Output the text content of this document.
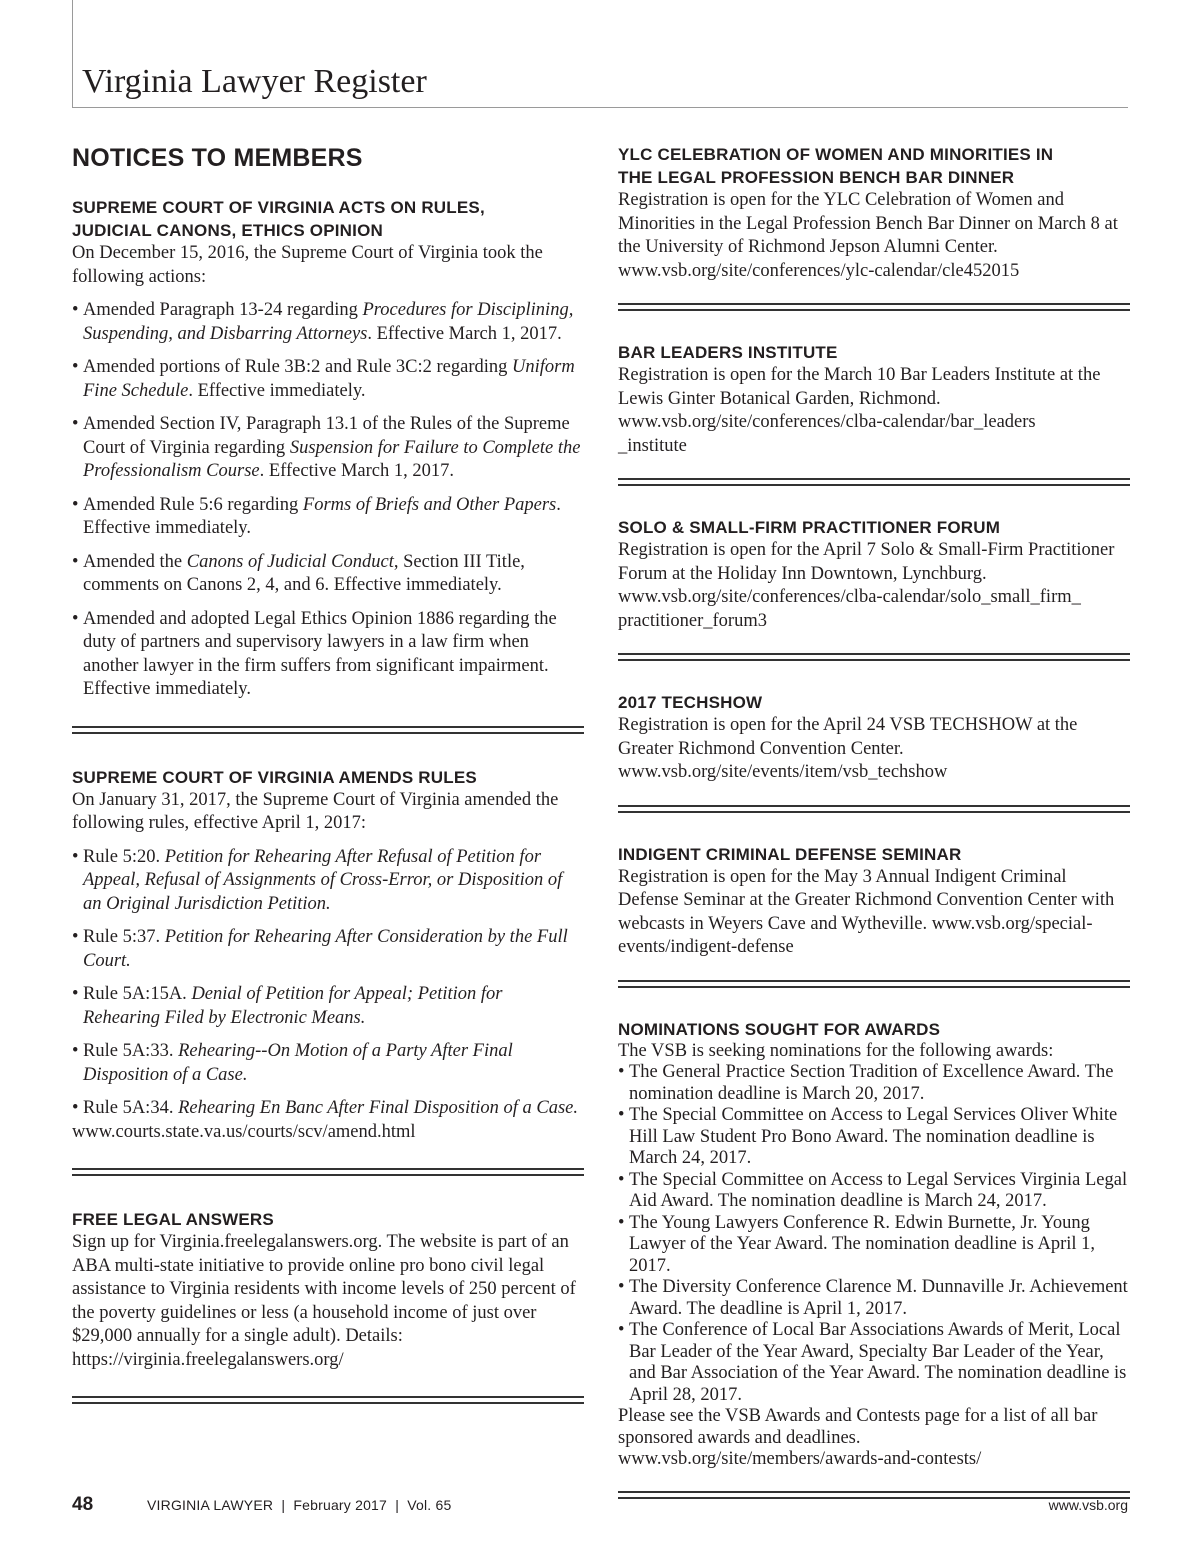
Virginia Lawyer Register
NOTICES TO MEMBERS
SUPREME COURT OF VIRGINIA ACTS ON RULES,
JUDICIAL CANONS, ETHICS OPINION

On December 15, 2016, the Supreme Court of Virginia took the following actions:

• Amended Paragraph 13-24 regarding Procedures for Disciplining, Suspending, and Disbarring Attorneys. Effective March 1, 2017.
• Amended portions of Rule 3B:2 and Rule 3C:2 regarding Uniform Fine Schedule. Effective immediately.
• Amended Section IV, Paragraph 13.1 of the Rules of the Supreme Court of Virginia regarding Suspension for Failure to Complete the Professionalism Course. Effective March 1, 2017.
• Amended Rule 5:6 regarding Forms of Briefs and Other Papers. Effective immediately.
• Amended the Canons of Judicial Conduct, Section III Title, comments on Canons 2, 4, and 6. Effective immediately.
• Amended and adopted Legal Ethics Opinion 1886 regarding the duty of partners and supervisory lawyers in a law firm when another lawyer in the firm suffers from significant impairment. Effective immediately.
SUPREME COURT OF VIRGINIA AMENDS RULES

On January 31, 2017, the Supreme Court of Virginia amended the following rules, effective April 1, 2017:

• Rule 5:20. Petition for Rehearing After Refusal of Petition for Appeal, Refusal of Assignments of Cross-Error, or Disposition of an Original Jurisdiction Petition.
• Rule 5:37. Petition for Rehearing After Consideration by the Full Court.
• Rule 5A:15A. Denial of Petition for Appeal; Petition for Rehearing Filed by Electronic Means.
• Rule 5A:33. Rehearing--On Motion of a Party After Final Disposition of a Case.
• Rule 5A:34. Rehearing En Banc After Final Disposition of a Case.

www.courts.state.va.us/courts/scv/amend.html

FREE LEGAL ANSWERS

Sign up for Virginia.freelegalanswers.org. The website is part of an ABA multi-state initiative to provide online pro bono civil legal assistance to Virginia residents with income levels of 250 percent of the poverty guidelines or less (a household income of just over $29,000 annually for a single adult). Details: https://virginia.freelegalanswers.org/

YLC CELEBRATION OF WOMEN AND MINORITIES IN
THE LEGAL PROFESSION BENCH BAR DINNER

Registration is open for the YLC Celebration of Women and Minorities in the Legal Profession Bench Bar Dinner on March 8 at the University of Richmond Jepson Alumni Center.

www.vsb.org/site/conferences/ylc-calendar/cle452015

BAR LEADERS INSTITUTE

Registration is open for the March 10 Bar Leaders Institute at the Lewis Ginter Botanical Garden, Richmond.

www.vsb.org/site/conferences/clba-calendar/bar_leaders
_institute

SOLO & SMALL-FIRM PRACTITIONER FORUM

Registration is open for the April 7 Solo & Small-Firm Practitioner Forum at the Holiday Inn Downtown, Lynchburg.

www.vsb.org/site/conferences/clba-calendar/solo_small_firm_
practitioner_forum3

2017 TECHSHOW

Registration is open for the April 24 VSB TECHSHOW at the Greater Richmond Convention Center.

www.vsb.org/site/events/item/vsb_techshow

INDIGENT CRIMINAL DEFENSE SEMINAR

Registration is open for the May 3 Annual Indigent Criminal Defense Seminar at the Greater Richmond Convention Center with webcasts in Weyers Cave and Wytheville. www.vsb.org/special-events/indigent-defense

NOMINATIONS SOUGHT FOR AWARDS

The VSB is seeking nominations for the following awards:

• The General Practice Section Tradition of Excellence Award. The nomination deadline is March 20, 2017.
• The Special Committee on Access to Legal Services Oliver White Hill Law Student Pro Bono Award. The nomination deadline is March 24, 2017.
• The Special Committee on Access to Legal Services Virginia Legal Aid Award. The nomination deadline is March 24, 2017.
• The Young Lawyers Conference R. Edwin Burnette, Jr. Young Lawyer of the Year Award. The nomination deadline is April 1, 2017.
• The Diversity Conference Clarence M. Dunnaville Jr. Achievement Award. The deadline is April 1, 2017.
• The Conference of Local Bar Associations Awards of Merit, Local Bar Leader of the Year Award, Specialty Bar Leader of the Year, and Bar Association of the Year Award. The nomination deadline is April 28, 2017.

Please see the VSB Awards and Contests page for a list of all bar sponsored awards and deadlines.

www.vsb.org/site/members/awards-and-contests/

48	VIRGINIA LAWYER  |  February 2017  |  Vol. 65	www.vsb.org
